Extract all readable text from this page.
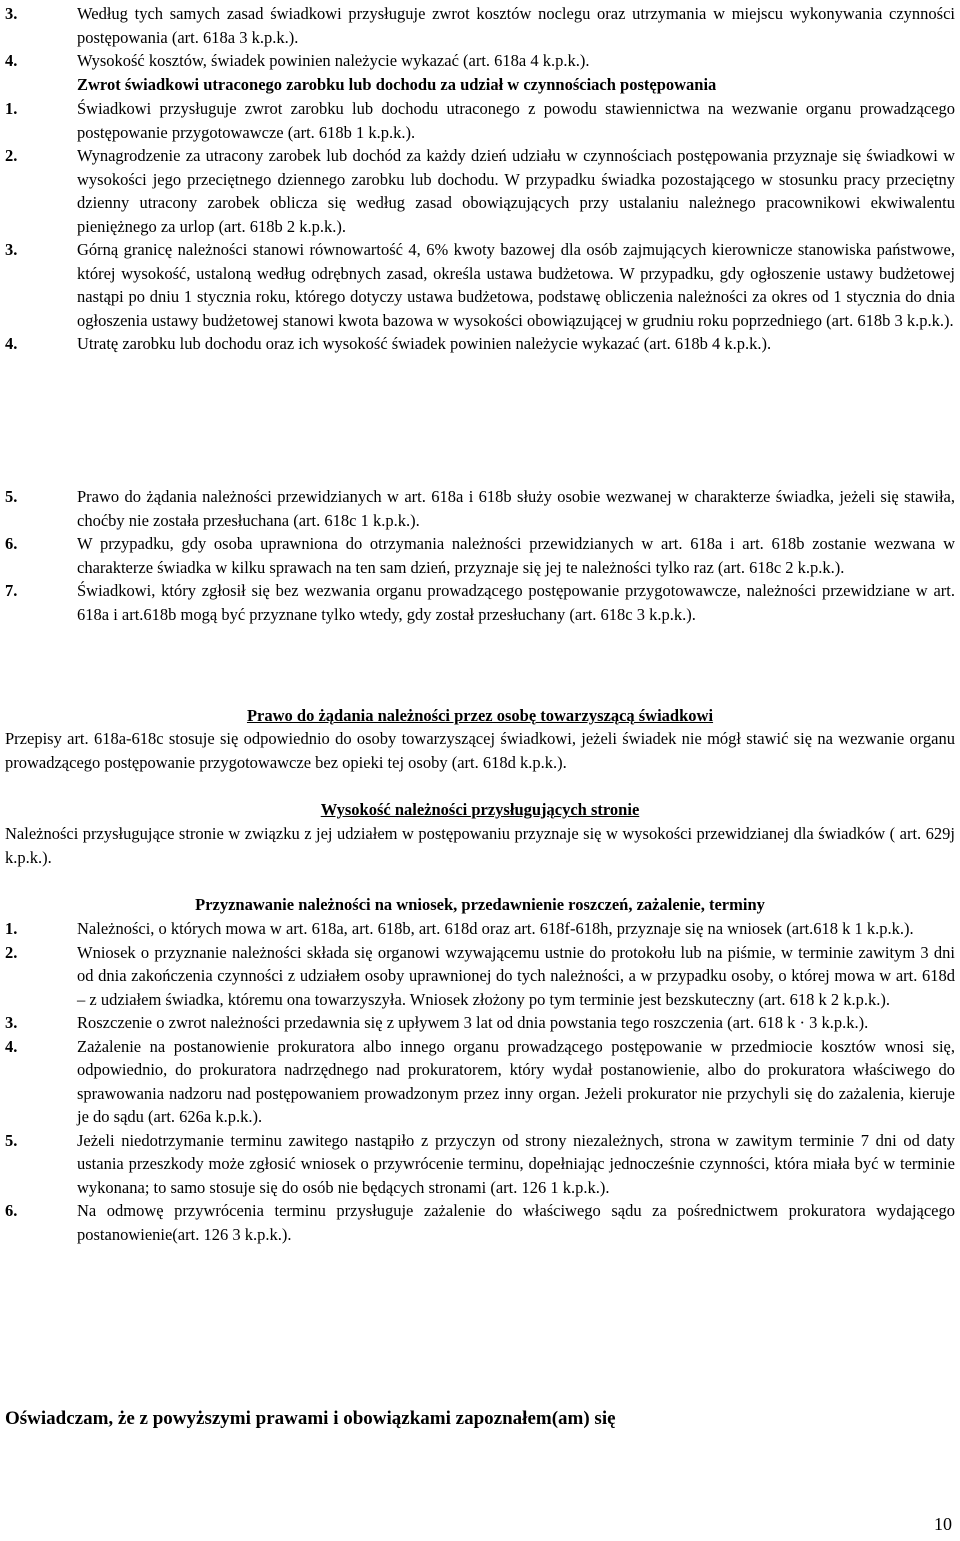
3.	Według tych samych zasad świadkowi przysługuje zwrot kosztów noclegu oraz utrzymania w miejscu wykonywania czynności postępowania (art. 618a 3 k.p.k.).
4.	Wysokość kosztów, świadek powinien należycie wykazać (art. 618a 4 k.p.k.).
Zwrot świadkowi utraconego zarobku lub dochodu za udział w czynnościach postępowania
1.	Świadkowi przysługuje zwrot zarobku lub dochodu utraconego z powodu stawiennictwa na wezwanie organu prowadzącego postępowanie przygotowawcze (art. 618b 1 k.p.k.).
2.	Wynagrodzenie za utracony zarobek lub dochód za każdy dzień udziału w czynnościach postępowania przyznaje się świadkowi w wysokości jego przeciętnego dziennego zarobku lub dochodu. W przypadku świadka pozostającego w stosunku pracy przeciętny dzienny utracony zarobek oblicza się według zasad obowiązujących przy ustalaniu należnego pracownikowi ekwiwalentu pieniężnego za urlop (art. 618b 2 k.p.k.).
3.	Górną granicę należności stanowi równowartość 4, 6% kwoty bazowej dla osób zajmujących kierownicze stanowiska państwowe, której wysokość, ustaloną według odrębnych zasad, określa ustawa budżetowa. W przypadku, gdy ogłoszenie ustawy budżetowej nastąpi po dniu 1 stycznia roku, którego dotyczy ustawa budżetowa, podstawę obliczenia należności za okres od 1 stycznia do dnia ogłoszenia ustawy budżetowej stanowi kwota bazowa w wysokości obowiązującej w grudniu roku poprzedniego (art. 618b 3 k.p.k.).
4.	Utratę zarobku lub dochodu oraz ich wysokość świadek powinien należycie wykazać (art. 618b 4 k.p.k.).
5.	Prawo do żądania należności przewidzianych w art. 618a i 618b służy osobie wezwanej w charakterze świadka, jeżeli się stawiła, choćby nie została przesłuchana (art. 618c 1 k.p.k.).
6.	W przypadku, gdy osoba uprawniona do otrzymania należności przewidzianych w art. 618a i art. 618b zostanie wezwana w charakterze świadka w kilku sprawach na ten sam dzień, przyznaje się jej te należności tylko raz (art. 618c 2 k.p.k.).
7.	Świadkowi, który zgłosił się bez wezwania organu prowadzącego postępowanie przygotowawcze, należności przewidziane w art. 618a i art.618b mogą być przyznane tylko wtedy, gdy został przesłuchany (art. 618c 3 k.p.k.).
Prawo do żądania należności przez osobę towarzyszącą świadkowi
Przepisy art. 618a-618c stosuje się odpowiednio do osoby towarzyszącej świadkowi, jeżeli świadek nie mógł stawić się na wezwanie organu prowadzącego postępowanie przygotowawcze bez opieki tej osoby (art. 618d k.p.k.).
Wysokość należności przysługujących stronie
Należności przysługujące stronie w związku z jej udziałem w postępowaniu przyznaje się w wysokości przewidzianej dla świadków ( art. 629j k.p.k.).
Przyznawanie należności na wniosek, przedawnienie roszczeń, zażalenie, terminy
1.	Należności, o których mowa w art. 618a, art. 618b, art. 618d oraz art. 618f-618h, przyznaje się na wniosek (art.618 k 1 k.p.k.).
2.	Wniosek o przyznanie należności składa się organowi wzywającemu ustnie do protokołu lub na piśmie, w terminie zawitym 3 dni od dnia zakończenia czynności z udziałem osoby uprawnionej do tych należności, a w przypadku osoby, o której mowa w art. 618d – z udziałem świadka, któremu ona towarzyszyła. Wniosek złożony po tym terminie jest bezskuteczny (art. 618 k 2 k.p.k.).
3.	Roszczenie o zwrot należności przedawnia się z upływem 3 lat od dnia powstania tego roszczenia (art. 618 k · 3 k.p.k.).
4.	Zażalenie na postanowienie prokuratora albo innego organu prowadzącego postępowanie w przedmiocie kosztów wnosi się, odpowiednio, do prokuratora nadrzędnego nad prokuratorem, który wydał postanowienie, albo do prokuratora właściwego do sprawowania nadzoru nad postępowaniem prowadzonym przez inny organ. Jeżeli prokurator nie przychyli się do zażalenia, kieruje je do sądu (art. 626a k.p.k.).
5.	Jeżeli niedotrzymanie terminu zawitego nastąpiło z przyczyn od strony niezależnych, strona w zawitym terminie 7 dni od daty ustania przeszkody może zgłosić wniosek o przywrócenie terminu, dopełniając jednocześnie czynności, która miała być w terminie wykonana; to samo stosuje się do osób nie będących stronami (art. 126 1 k.p.k.).
6.	Na odmowę przywrócenia terminu przysługuje zażalenie do właściwego sądu za pośrednictwem prokuratora wydającego postanowienie(art. 126 3 k.p.k.).
Oświadczam, że z powyższymi prawami i obowiązkami zapoznałem(am) się
10
